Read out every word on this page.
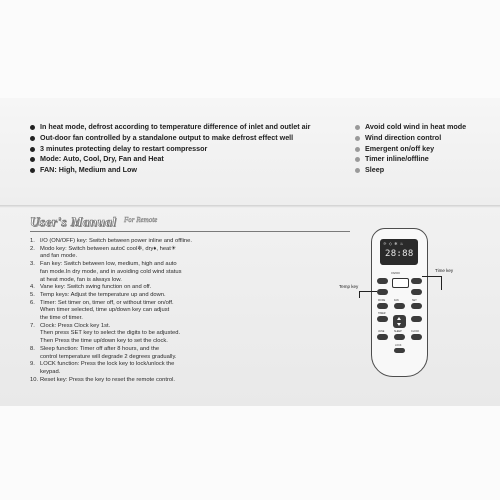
In heat mode, defrost according to temperature difference of inlet and outlet air
Out-door fan controlled by a standalone output to make defrost effect well
3 minutes protecting delay to restart compressor
Mode: Auto, Cool, Dry, Fan and Heat
FAN: High, Medium and Low
Avoid cold wind in heat mode
Wind direction control
Emergent on/off key
Timer inline/offline
Sleep
User's Manual For Remote
1. I/O (ON/OFF) key: Switch between power inline and offline.
2. Modo key: Switch between autoⅽ cool❄, dry♦, heat☀
and fan mode.
3. Fan key: Switch between low, medium, high and auto
fan mode.In dry mode, and in avoiding cold wind status
at heat mode, fan is always low.
4. Vane key: Switch swing function on and off.
5. Temp keys: Adjust the temperature up and down.
6. Timer: Set timer on, timer off, or without timer on/off.
When timer selected, time up/down key can adjust
the time of timer.
7. Clock: Press Clock key 1st.
Then press SET key to select the digits to be adjusted.
Then Press the time up/down key to set the clock.
8. Sleep function: Timer off after 8 hours, and the
control temperature will degrade 2 degrees gradually.
9. LOCK function: Press the lock key to lock/unlock the
keypad.
10. Reset key: Press the key to reset the remote control.
☼ ◇ ❄ ♨
28:88
ON/OFF
MODE	FAN	SET
TIMER
VANE	SLEEP	CLOCK
LOCK
Temp key
Time key
